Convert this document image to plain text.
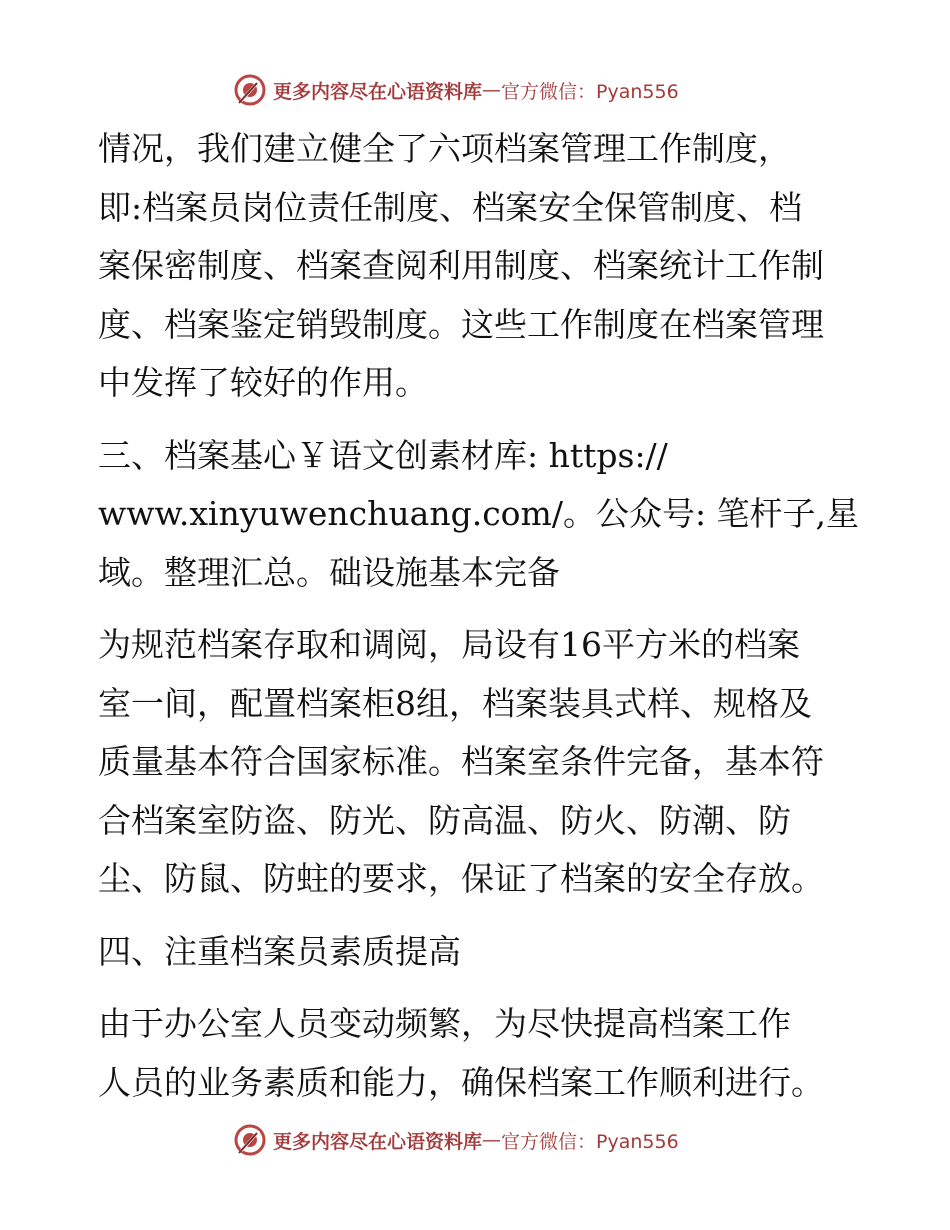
更多内容尽在心语资料库 — 官方微信：Pyan556
情况，我们建立健全了六项档案管理工作制度，
即:档案员岗位责任制度、档案安全保管制度、档
案保密制度、档案查阅利用制度、档案统计工作制
度、档案鉴定销毁制度。这些工作制度在档案管理
中发挥了较好的作用。
三、档案基心￥语文创素材库: https://
www.xinyuwenchuang.com/。公众号: 笔杆子,星
域。整理汇总。础设施基本完备
为规范档案存取和调阅，局设有16平方米的档案
室一间，配置档案柜8组，档案装具式样、规格及
质量基本符合国家标准。档案室条件完备，基本符
合档案室防盗、防光、防高温、防火、防潮、防
尘、防鼠、防蛀的要求，保证了档案的安全存放。
四、注重档案员素质提高
由于办公室人员变动频繁，为尽快提高档案工作
人员的业务素质和能力，确保档案工作顺利进行。
更多内容尽在心语资料库 — 官方微信：Pyan556
